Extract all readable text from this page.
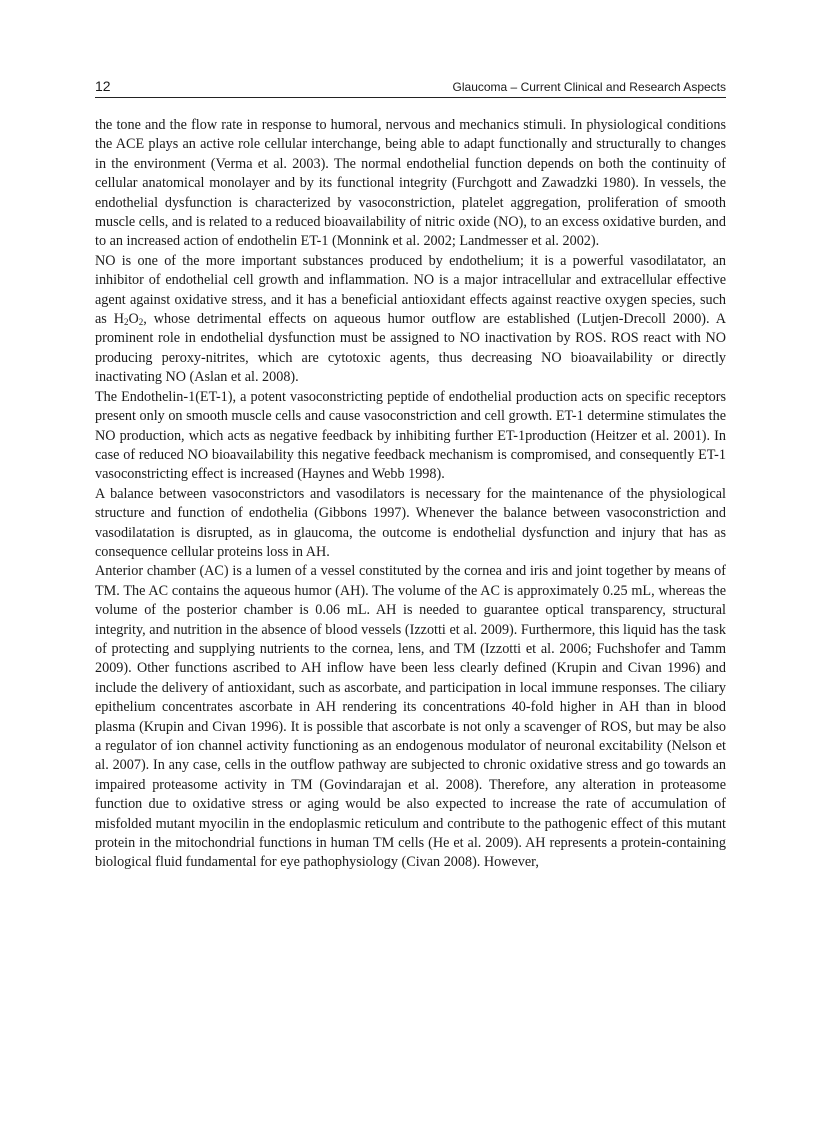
12	Glaucoma – Current Clinical and Research Aspects

the tone and the flow rate in response to humoral, nervous and mechanics stimuli. In physiological conditions the ACE plays an active role cellular interchange, being able to adapt functionally and structurally to changes in the environment (Verma et al. 2003). The normal endothelial function depends on both the continuity of cellular anatomical monolayer and by its functional integrity (Furchgott and Zawadzki 1980). In vessels, the endothelial dysfunction is characterized by vasoconstriction, platelet aggregation, proliferation of smooth muscle cells, and is related to a reduced bioavailability of nitric oxide (NO), to an excess oxidative burden, and to an increased action of endothelin ET-1 (Monnink et al. 2002; Landmesser et al. 2002).

NO is one of the more important substances produced by endothelium; it is a powerful vasodilatator, an inhibitor of endothelial cell growth and inflammation. NO is a major intracellular and extracellular effective agent against oxidative stress, and it has a beneficial antioxidant effects against reactive oxygen species, such as $H_2O_2$, whose detrimental effects on aqueous humor outflow are established (Lutjen-Drecoll 2000). A prominent role in endothelial dysfunction must be assigned to NO inactivation by ROS. ROS react with NO producing peroxy-nitrites, which are cytotoxic agents, thus decreasing NO bioavailability or directly inactivating NO (Aslan et al. 2008).

The Endothelin-1(ET-1), a potent vasoconstricting peptide of endothelial production acts on specific receptors present only on smooth muscle cells and cause vasoconstriction and cell growth. ET-1 determine stimulates the NO production, which acts as negative feedback by inhibiting further ET-1production (Heitzer et al. 2001). In case of reduced NO bioavailability this negative feedback mechanism is compromised, and consequently ET-1 vasoconstricting effect is increased (Haynes and Webb 1998).

A balance between vasoconstrictors and vasodilators is necessary for the maintenance of the physiological structure and function of endothelia (Gibbons 1997). Whenever the balance between vasoconstriction and vasodilatation is disrupted, as in glaucoma, the outcome is endothelial dysfunction and injury that has as consequence cellular proteins loss in AH.

Anterior chamber (AC) is a lumen of a vessel constituted by the cornea and iris and joint together by means of TM. The AC contains the aqueous humor (AH). The volume of the AC is approximately 0.25 mL, whereas the volume of the posterior chamber is 0.06 mL. AH is needed to guarantee optical transparency, structural integrity, and nutrition in the absence of blood vessels (Izzotti et al. 2009). Furthermore, this liquid has the task of protecting and supplying nutrients to the cornea, lens, and TM (Izzotti et al. 2006; Fuchshofer and Tamm 2009). Other functions ascribed to AH inflow have been less clearly defined (Krupin and Civan 1996) and include the delivery of antioxidant, such as ascorbate, and participation in local immune responses. The ciliary epithelium concentrates ascorbate in AH rendering its concentrations 40-fold higher in AH than in blood plasma (Krupin and Civan 1996). It is possible that ascorbate is not only a scavenger of ROS, but may be also a regulator of ion channel activity functioning as an endogenous modulator of neuronal excitability (Nelson et al. 2007). In any case, cells in the outflow pathway are subjected to chronic oxidative stress and go towards an impaired proteasome activity in TM (Govindarajan et al. 2008). Therefore, any alteration in proteasome function due to oxidative stress or aging would be also expected to increase the rate of accumulation of misfolded mutant myocilin in the endoplasmic reticulum and contribute to the pathogenic effect of this mutant protein in the mitochondrial functions in human TM cells (He et al. 2009). AH represents a protein-containing biological fluid fundamental for eye pathophysiology (Civan 2008). However,
